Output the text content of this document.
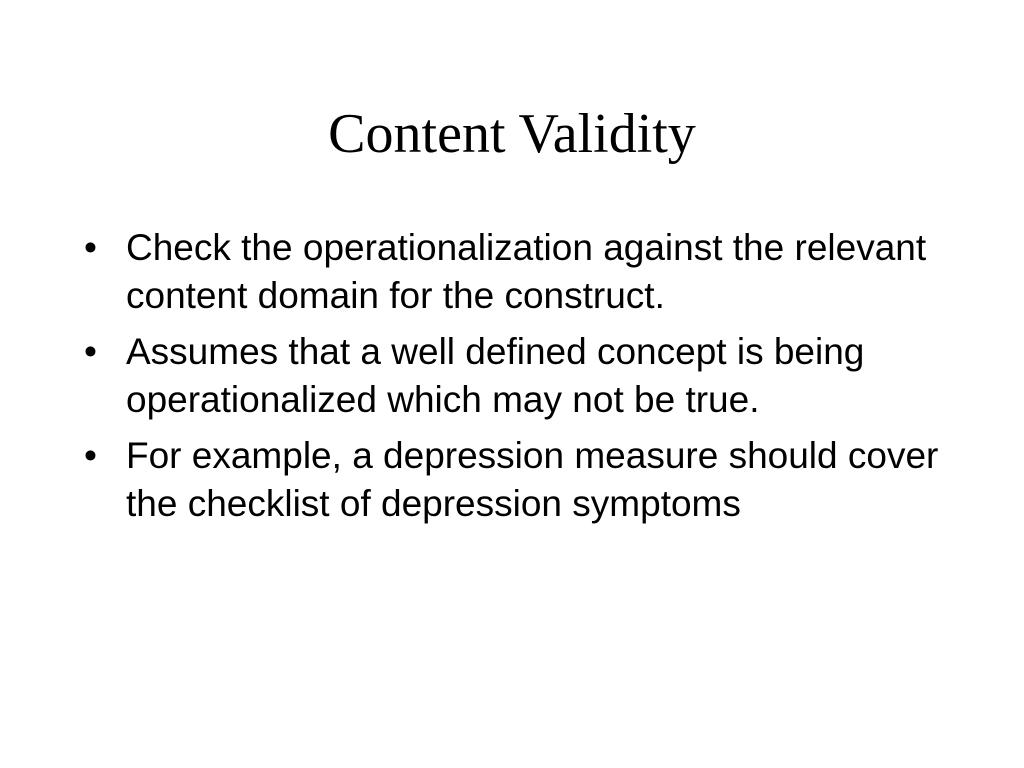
Content Validity
• Check the operationalization against the relevant content domain for the construct.
• Assumes that a well defined concept is being operationalized which may not be true.
• For example, a depression measure should cover the checklist of depression symptoms
